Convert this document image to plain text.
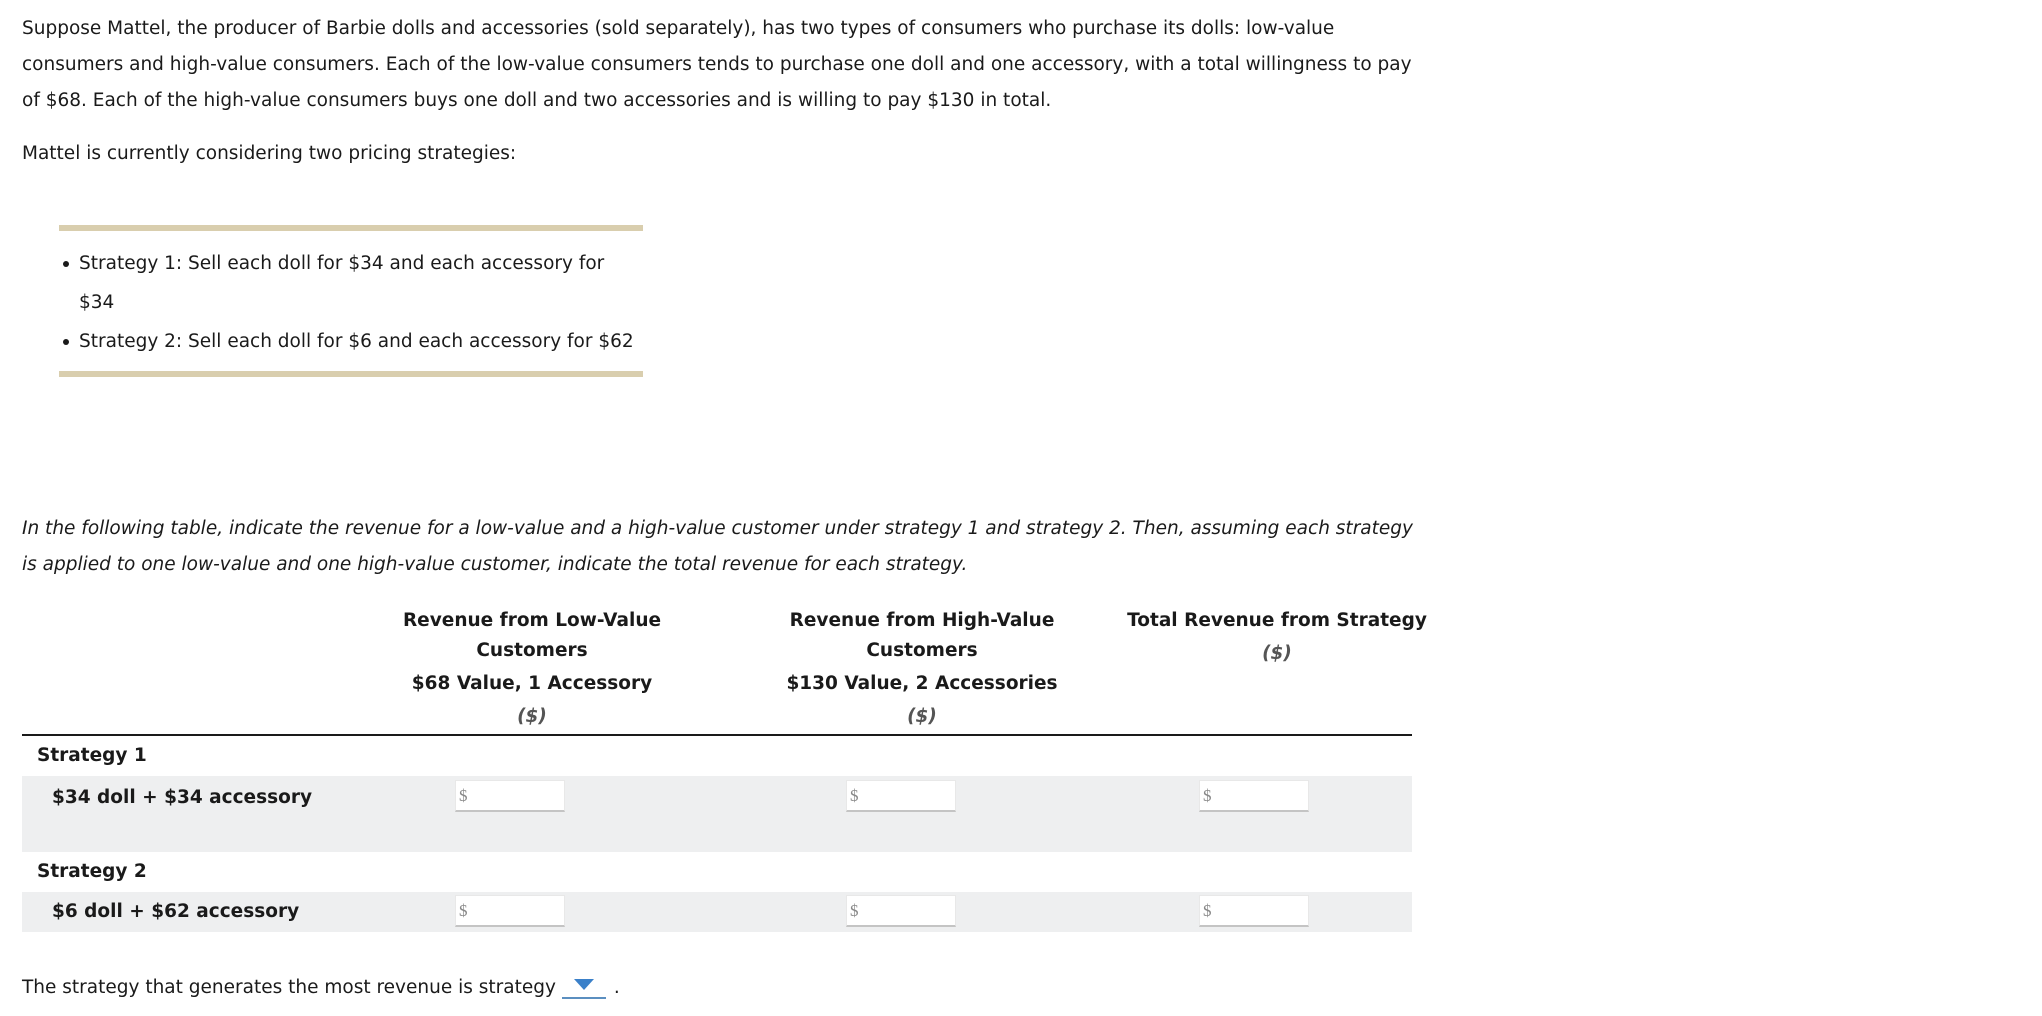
Suppose Mattel, the producer of Barbie dolls and accessories (sold separately), has two types of consumers who purchase its dolls: low-value consumers and high-value consumers. Each of the low-value consumers tends to purchase one doll and one accessory, with a total willingness to pay of $68. Each of the high-value consumers buys one doll and two accessories and is willing to pay $130 in total.

Mattel is currently considering two pricing strategies:

Strategy 1: Sell each doll for $34 and each accessory for $34
Strategy 2: Sell each doll for $6 and each accessory for $62

In the following table, indicate the revenue for a low-value and a high-value customer under strategy 1 and strategy 2. Then, assuming each strategy is applied to one low-value and one high-value customer, indicate the total revenue for each strategy.

Revenue from Low-Value Customers
$68 Value, 1 Accessory
($)
Revenue from High-Value Customers
$130 Value, 2 Accessories
($)
Total Revenue from Strategy
($)
Strategy 1
$34 doll + $34 accessory	$	$	$
Strategy 2
$6 doll + $62 accessory	$	$	$

The strategy that generates the most revenue is strategy	.
